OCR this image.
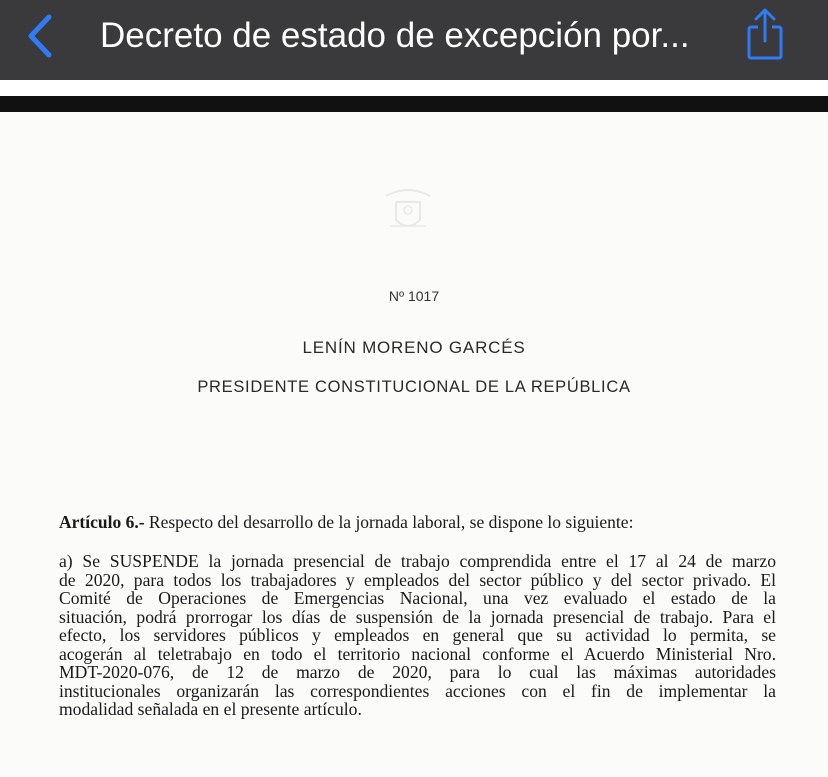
Decreto de estado de excepción por...
Nº 1017
LENÍN MORENO GARCÉS
PRESIDENTE CONSTITUCIONAL DE LA REPÚBLICA
Artículo 6.- Respecto del desarrollo de la jornada laboral, se dispone lo siguiente:
a) Se SUSPENDE la jornada presencial de trabajo comprendida entre el 17 al 24 de marzo
de 2020, para todos los trabajadores y empleados del sector público y del sector privado. El
Comité de Operaciones de Emergencias Nacional, una vez evaluado el estado de la
situación, podrá prorrogar los días de suspensión de la jornada presencial de trabajo. Para el
efecto, los servidores públicos y empleados en general que su actividad lo permita, se
acogerán al teletrabajo en todo el territorio nacional conforme el Acuerdo Ministerial Nro.
MDT-2020-076, de 12 de marzo de 2020, para lo cual las máximas autoridades
institucionales organizarán las correspondientes acciones con el fin de implementar la
modalidad señalada en el presente artículo.
